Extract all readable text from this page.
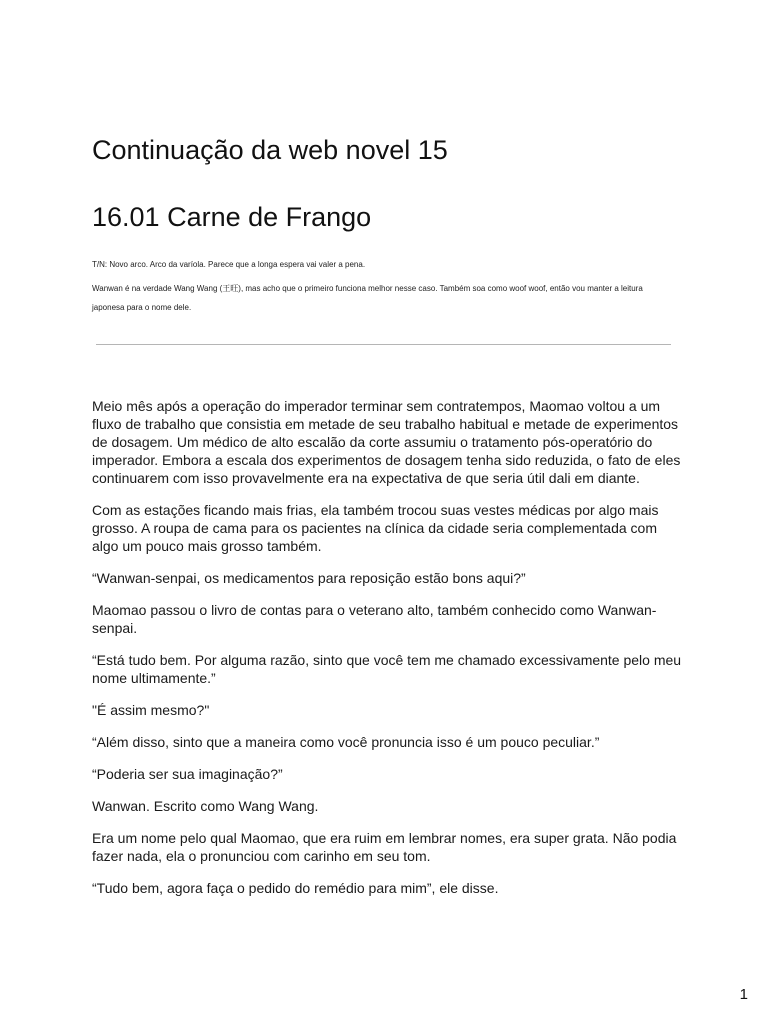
Continuação da web novel 15
16.01 Carne de Frango

T/N: Novo arco. Arco da varíola. Parece que a longa espera vai valer a pena.

Wanwan é na verdade Wang Wang (王旺), mas acho que o primeiro funciona melhor nesse caso. Também soa como woof woof, então vou manter a leitura japonesa para o nome dele.

Meio mês após a operação do imperador terminar sem contratempos, Maomao voltou a um fluxo de trabalho que consistia em metade de seu trabalho habitual e metade de experimentos de dosagem. Um médico de alto escalão da corte assumiu o tratamento pós-operatório do imperador. Embora a escala dos experimentos de dosagem tenha sido reduzida, o fato de eles continuarem com isso provavelmente era na expectativa de que seria útil dali em diante.

Com as estações ficando mais frias, ela também trocou suas vestes médicas por algo mais grosso. A roupa de cama para os pacientes na clínica da cidade seria complementada com algo um pouco mais grosso também.

“Wanwan-senpai, os medicamentos para reposição estão bons aqui?”

Maomao passou o livro de contas para o veterano alto, também conhecido como Wanwan-senpai.

“Está tudo bem. Por alguma razão, sinto que você tem me chamado excessivamente pelo meu nome ultimamente.”

"É assim mesmo?"

“Além disso, sinto que a maneira como você pronuncia isso é um pouco peculiar.”

“Poderia ser sua imaginação?”

Wanwan. Escrito como Wang Wang.

Era um nome pelo qual Maomao, que era ruim em lembrar nomes, era super grata. Não podia fazer nada, ela o pronunciou com carinho em seu tom.

“Tudo bem, agora faça o pedido do remédio para mim”, ele disse.

1
